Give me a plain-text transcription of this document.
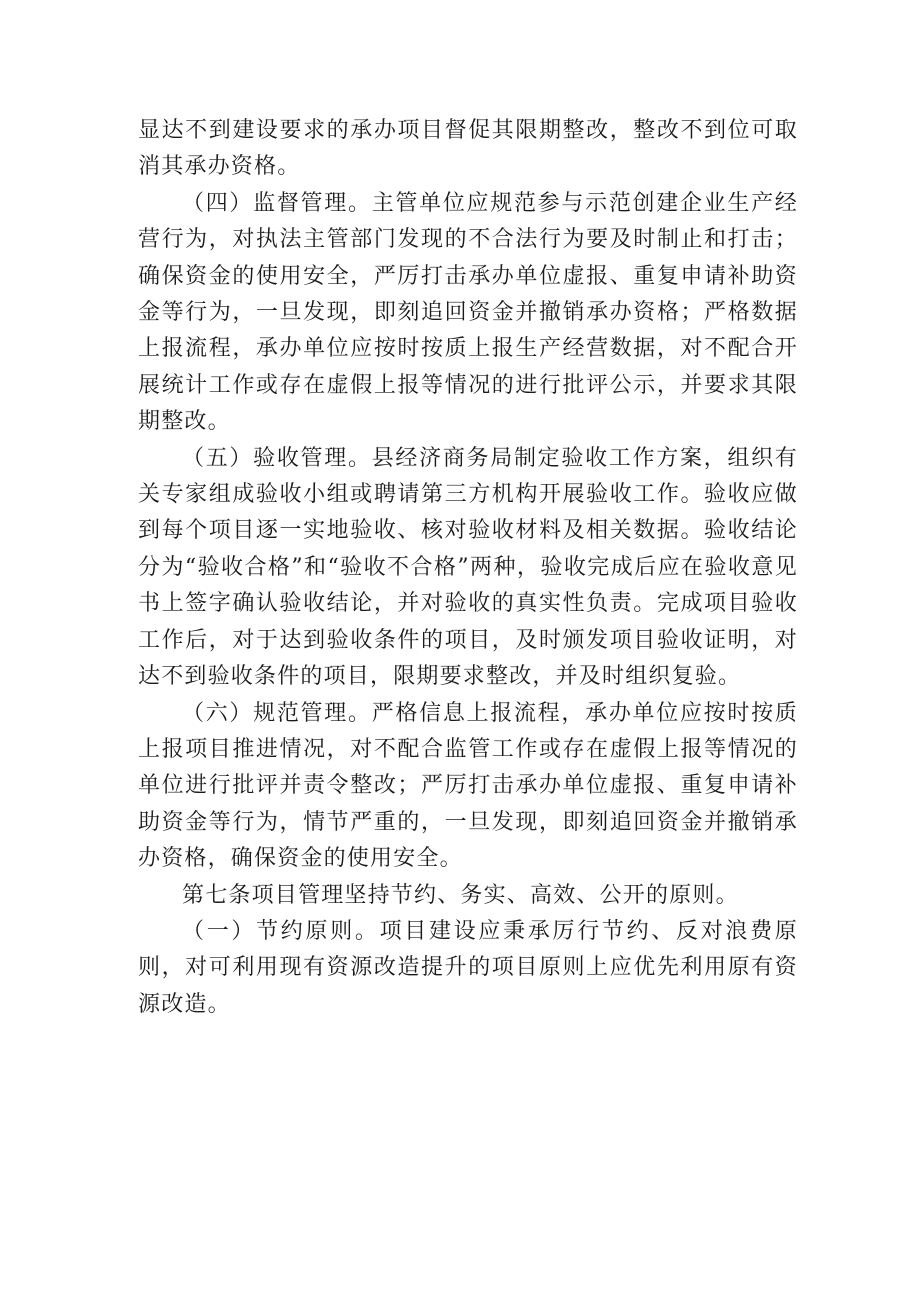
显达不到建设要求的承办项目督促其限期整改，整改不到位可取消其承办资格。

（四）监督管理。主管单位应规范参与示范创建企业生产经营行为，对执法主管部门发现的不合法行为要及时制止和打击；确保资金的使用安全，严厉打击承办单位虚报、重复申请补助资金等行为，一旦发现，即刻追回资金并撤销承办资格；严格数据上报流程，承办单位应按时按质上报生产经营数据，对不配合开展统计工作或存在虚假上报等情况的进行批评公示，并要求其限期整改。

（五）验收管理。县经济商务局制定验收工作方案，组织有关专家组成验收小组或聘请第三方机构开展验收工作。验收应做到每个项目逐一实地验收、核对验收材料及相关数据。验收结论分为“验收合格”和“验收不合格”两种，验收完成后应在验收意见书上签字确认验收结论，并对验收的真实性负责。完成项目验收工作后，对于达到验收条件的项目，及时颁发项目验收证明，对达不到验收条件的项目，限期要求整改，并及时组织复验。

（六）规范管理。严格信息上报流程，承办单位应按时按质上报项目推进情况，对不配合监管工作或存在虚假上报等情况的单位进行批评并责令整改；严厉打击承办单位虚报、重复申请补助资金等行为，情节严重的，一旦发现，即刻追回资金并撤销承办资格，确保资金的使用安全。

第七条项目管理坚持节约、务实、高效、公开的原则。

（一）节约原则。项目建设应秉承厉行节约、反对浪费原则，对可利用现有资源改造提升的项目原则上应优先利用原有资源改造。
